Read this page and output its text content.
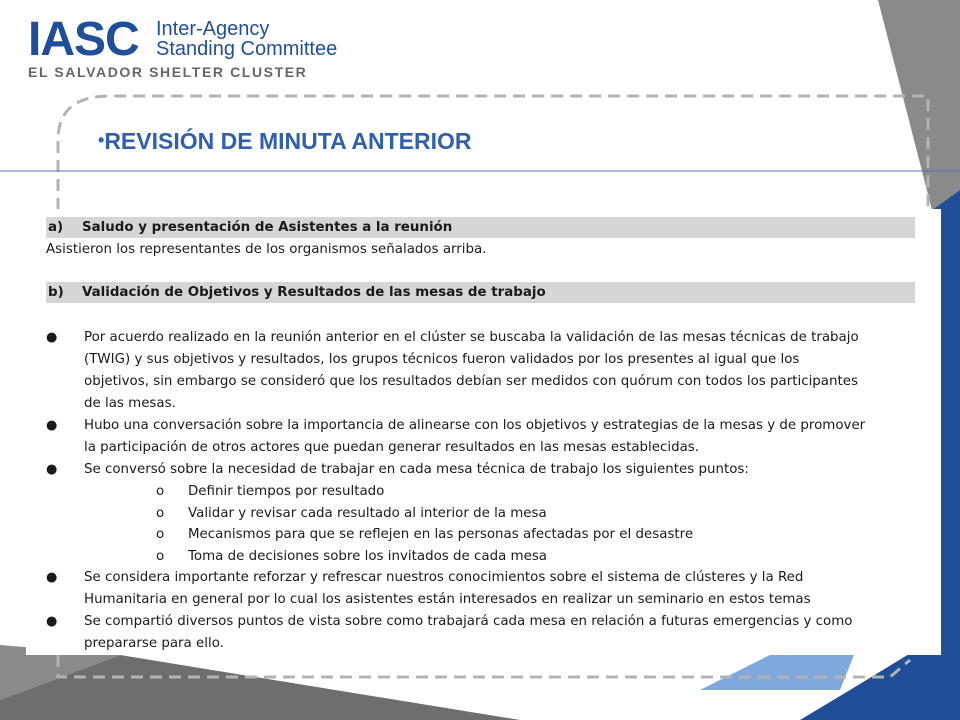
IASC Inter-Agency
Standing Committee
EL SALVADOR SHELTER CLUSTER
•REVISIÓN DE MINUTA ANTERIOR
a) Saludo y presentación de Asistentes a la reunión
Asistieron los representantes de los organismos señalados arriba.
b) Validación de Objetivos y Resultados de las mesas de trabajo
● Por acuerdo realizado en la reunión anterior en el clúster se buscaba la validación de las mesas técnicas de trabajo
(TWIG) y sus objetivos y resultados, los grupos técnicos fueron validados por los presentes al igual que los
objetivos, sin embargo se consideró que los resultados debían ser medidos con quórum con todos los participantes
de las mesas.
● Hubo una conversación sobre la importancia de alinearse con los objetivos y estrategias de la mesas y de promover
la participación de otros actores que puedan generar resultados en las mesas establecidas.
● Se conversó sobre la necesidad de trabajar en cada mesa técnica de trabajo los siguientes puntos:
o Definir tiempos por resultado
o Validar y revisar cada resultado al interior de la mesa
o Mecanismos para que se reflejen en las personas afectadas por el desastre
o Toma de decisiones sobre los invitados de cada mesa
● Se considera importante reforzar y refrescar nuestros conocimientos sobre el sistema de clústeres y la Red
Humanitaria en general por lo cual los asistentes están interesados en realizar un seminario en estos temas
● Se compartió diversos puntos de vista sobre como trabajará cada mesa en relación a futuras emergencias y como
prepararse para ello.
